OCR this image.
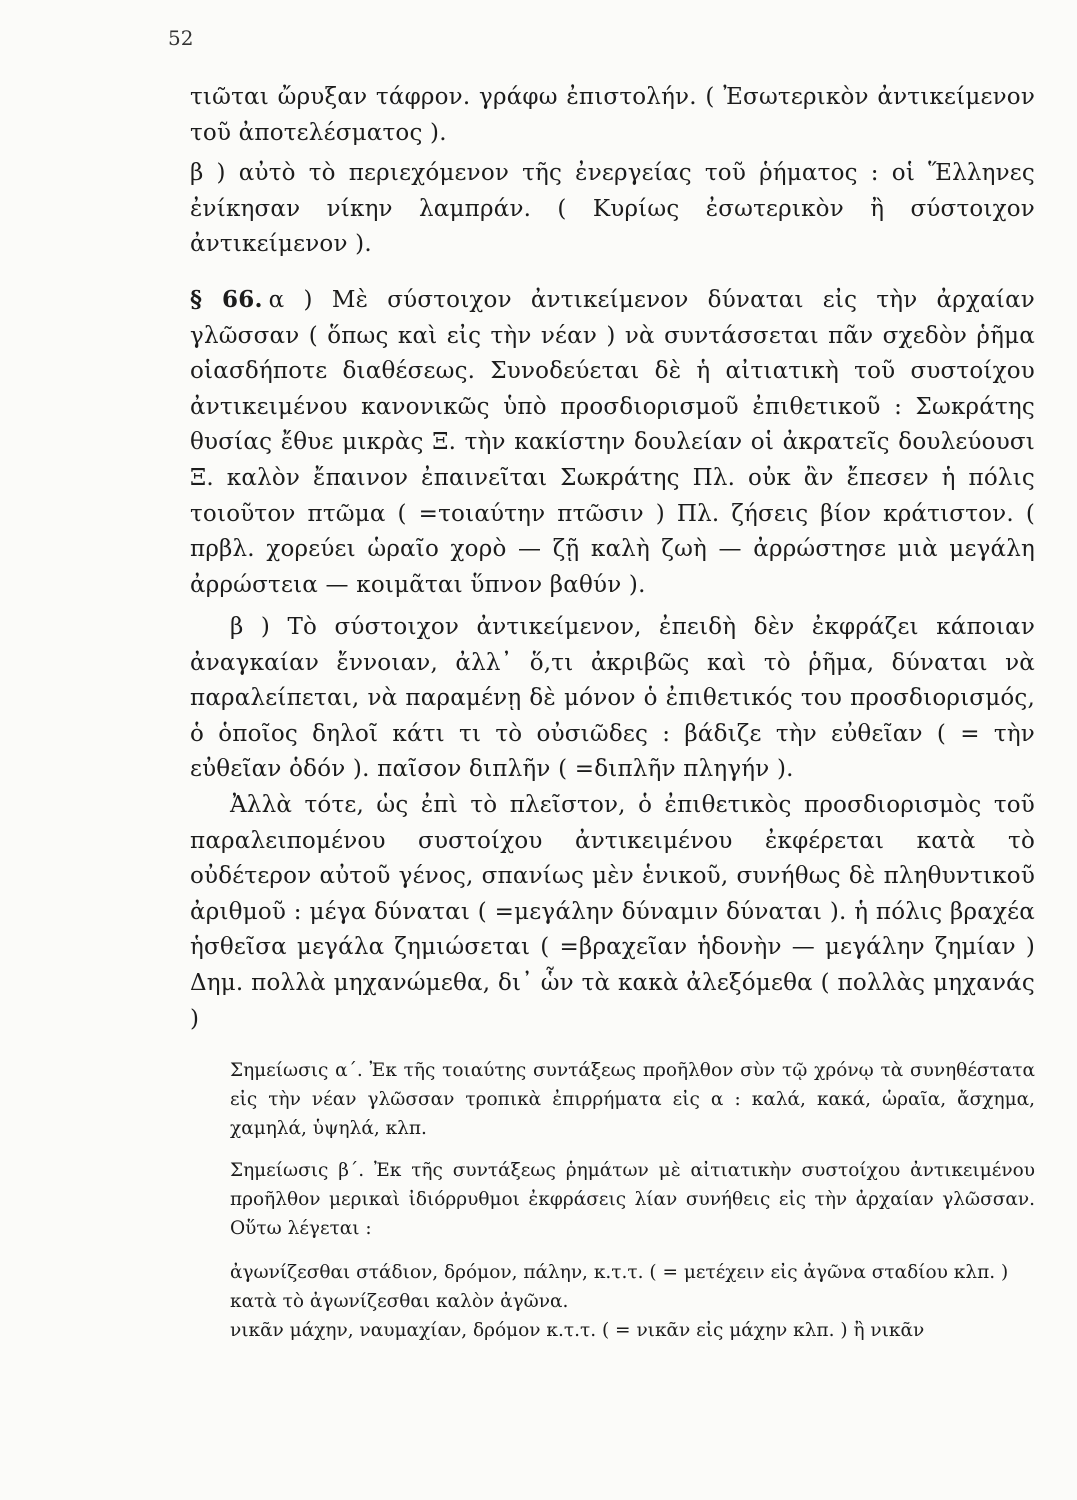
52

τιῶται ὤρυξαν τάφρον. γράφω ἐπιστολήν. ( Ἐσωτερικὸν ἀντικείμενον τοῦ ἀποτελέσματος ).

β ) αὐτὸ τὸ περιεχόμενον τῆς ἐνεργείας τοῦ ῥήματος : οἱ Ἕλληνες ἐνίκησαν νίκην λαμπράν. ( Κυρίως ἐσωτερικὸν ἢ σύστοιχον ἀντικείμενον ).

§ 66. α ) Μὲ σύστοιχον ἀντικείμενον δύναται εἰς τὴν ἀρχαίαν γλῶσσαν ( ὅπως καὶ εἰς τὴν νέαν ) νὰ συντάσσεται πᾶν σχεδὸν ῥῆμα οἱασδήποτε διαθέσεως. Συνοδεύεται δὲ ἡ αἰτιατικὴ τοῦ συστοίχου ἀντικειμένου κανονικῶς ὑπὸ προσδιορισμοῦ ἐπιθετικοῦ : Σωκράτης θυσίας ἔθυε μικρὰς Ξ. τὴν κακίστην δουλείαν οἱ ἀκρατεῖς δουλεύουσι Ξ. καλὸν ἔπαινον ἐπαινεῖται Σωκράτης Πλ. οὐκ ἂν ἔπεσεν ἡ πόλις τοιοῦτον πτῶμα ( =τοιαύτην πτῶσιν ) Πλ. ζήσεις βίον κράτιστον. ( πρβλ. χορεύει ὡραῖο χορὸ — ζῇ καλὴ ζωὴ — ἀρρώστησε μιὰ μεγάλη ἀρρώστεια — κοιμᾶται ὕπνον βαθύν ).

β ) Τὸ σύστοιχον ἀντικείμενον, ἐπειδὴ δὲν ἐκφράζει κάποιαν ἀναγκαίαν ἔννοιαν, ἀλλ᾽ ὅ,τι ἀκριβῶς καὶ τὸ ῥῆμα, δύναται νὰ παραλείπεται, νὰ παραμένῃ δὲ μόνον ὁ ἐπιθετικός του προσδιορισμός, ὁ ὁποῖος δηλοῖ κάτι τι τὸ οὐσιῶδες : βάδιζε τὴν εὐθεῖαν ( = τὴν εὐθεῖαν ὁδόν ). παῖσον διπλῆν ( =διπλῆν πληγήν ).

Ἀλλὰ τότε, ὡς ἐπὶ τὸ πλεῖστον, ὁ ἐπιθετικὸς προσδιορισμὸς τοῦ παραλειπομένου συστοίχου ἀντικειμένου ἐκφέρεται κατὰ τὸ οὐδέτερον αὐτοῦ γένος, σπανίως μὲν ἑνικοῦ, συνήθως δὲ πληθυντικοῦ ἀριθμοῦ : μέγα δύναται ( =μεγάλην δύναμιν δύναται ). ἡ πόλις βραχέα ἡσθεῖσα μεγάλα ζημιώσεται ( =βραχεῖαν ἡδονὴν — μεγάλην ζημίαν ) Δημ. πολλὰ μηχανώμεθα, δι᾽ ὧν τὰ κακὰ ἀλεξόμεθα ( πολλὰς μηχανάς )

Σημείωσις α΄. Ἐκ τῆς τοιαύτης συντάξεως προῆλθον σὺν τῷ χρόνῳ τὰ συνηθέστατα εἰς τὴν νέαν γλῶσσαν τροπικὰ ἐπιρρήματα εἰς α : καλά, κακά, ὡραῖα, ἄσχημα, χαμηλά, ὑψηλά, κλπ.

Σημείωσις β΄. Ἐκ τῆς συντάξεως ῥημάτων μὲ αἰτιατικὴν συστοίχου ἀντικειμένου προῆλθον μερικαὶ ἰδιόρρυθμοι ἐκφράσεις λίαν συνήθεις εἰς τὴν ἀρχαίαν γλῶσσαν. Οὕτω λέγεται :

ἀγωνίζεσθαι στάδιον, δρόμον, πάλην, κ.τ.τ. ( = μετέχειν εἰς ἀγῶνα σταδίου κλπ. ) κατὰ τὸ ἀγωνίζεσθαι καλὸν ἀγῶνα.

νικᾶν μάχην, ναυμαχίαν, δρόμον κ.τ.τ. ( = νικᾶν εἰς μάχην κλπ. ) ἢ νικᾶν
